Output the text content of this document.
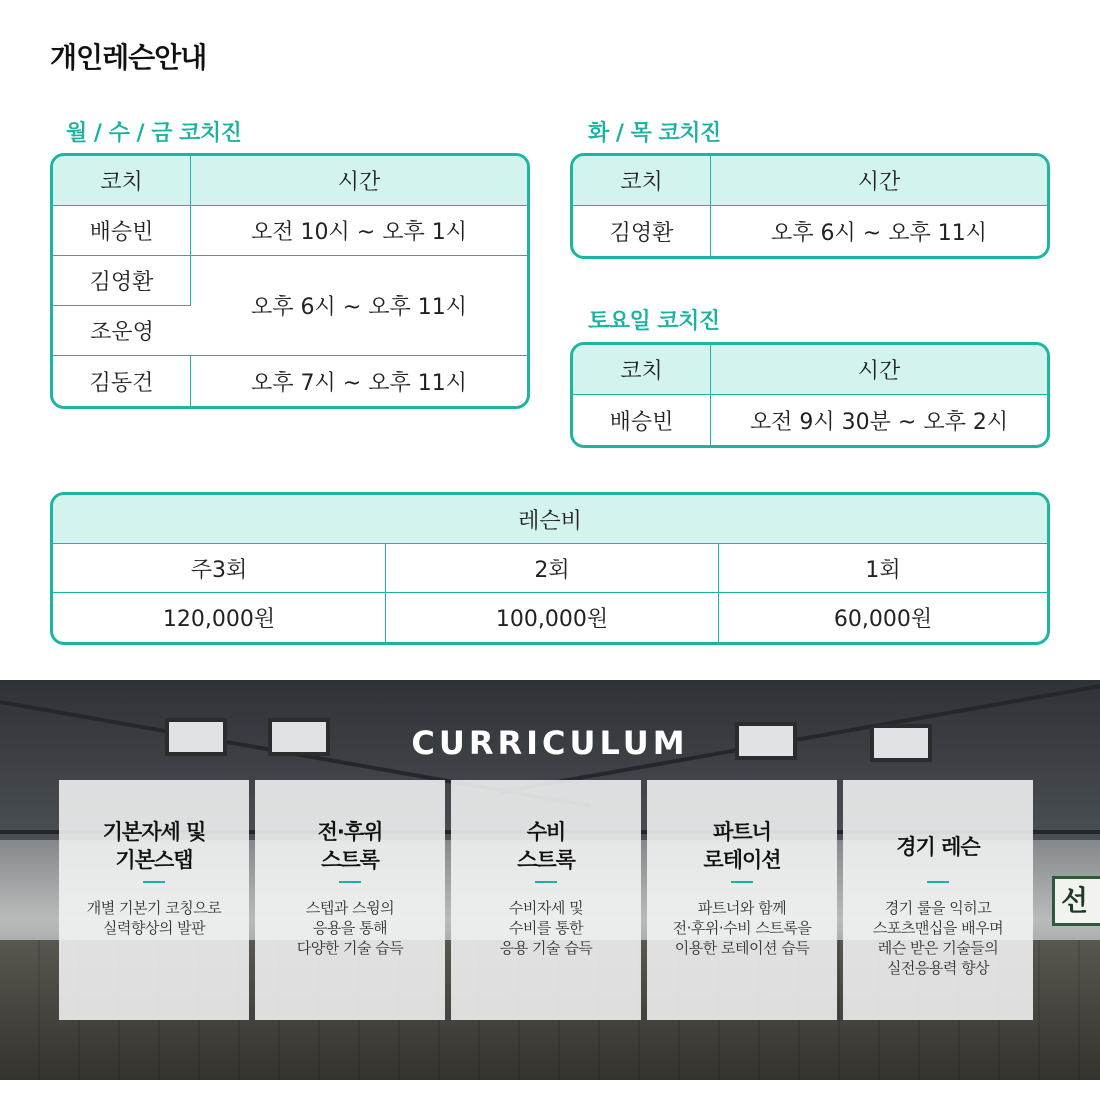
개인레슨안내
월 / 수 / 금 코치진
코치	시간
배승빈	오전 10시 ~ 오후 1시
김영환	오후 6시 ~ 오후 11시
조운영	
김동건	오후 7시 ~ 오후 11시
화 / 목 코치진
코치	시간
김영환	오후 6시 ~ 오후 11시
토요일 코치진
코치	시간
배승빈	오전 9시 30분 ~ 오후 2시
레슨비		
주3회	2회	1회
120,000원	100,000원	60,000원
선
CURRICULUM
기본자세 및
기본스탭
개별 기본기 코칭으로
실력향상의 발판
전·후위
스트록
스텝과 스윙의
응용을 통해
다양한 기술 습득
수비
스트록
수비자세 및
수비를 통한
응용 기술 습득
파트너
로테이션
파트너와 함께
전·후위·수비 스트록을
이용한 로테이션 습득
경기 레슨
경기 룰을 익히고
스포츠맨십을 배우며
레슨 받은 기술들의
실전응용력 향상
